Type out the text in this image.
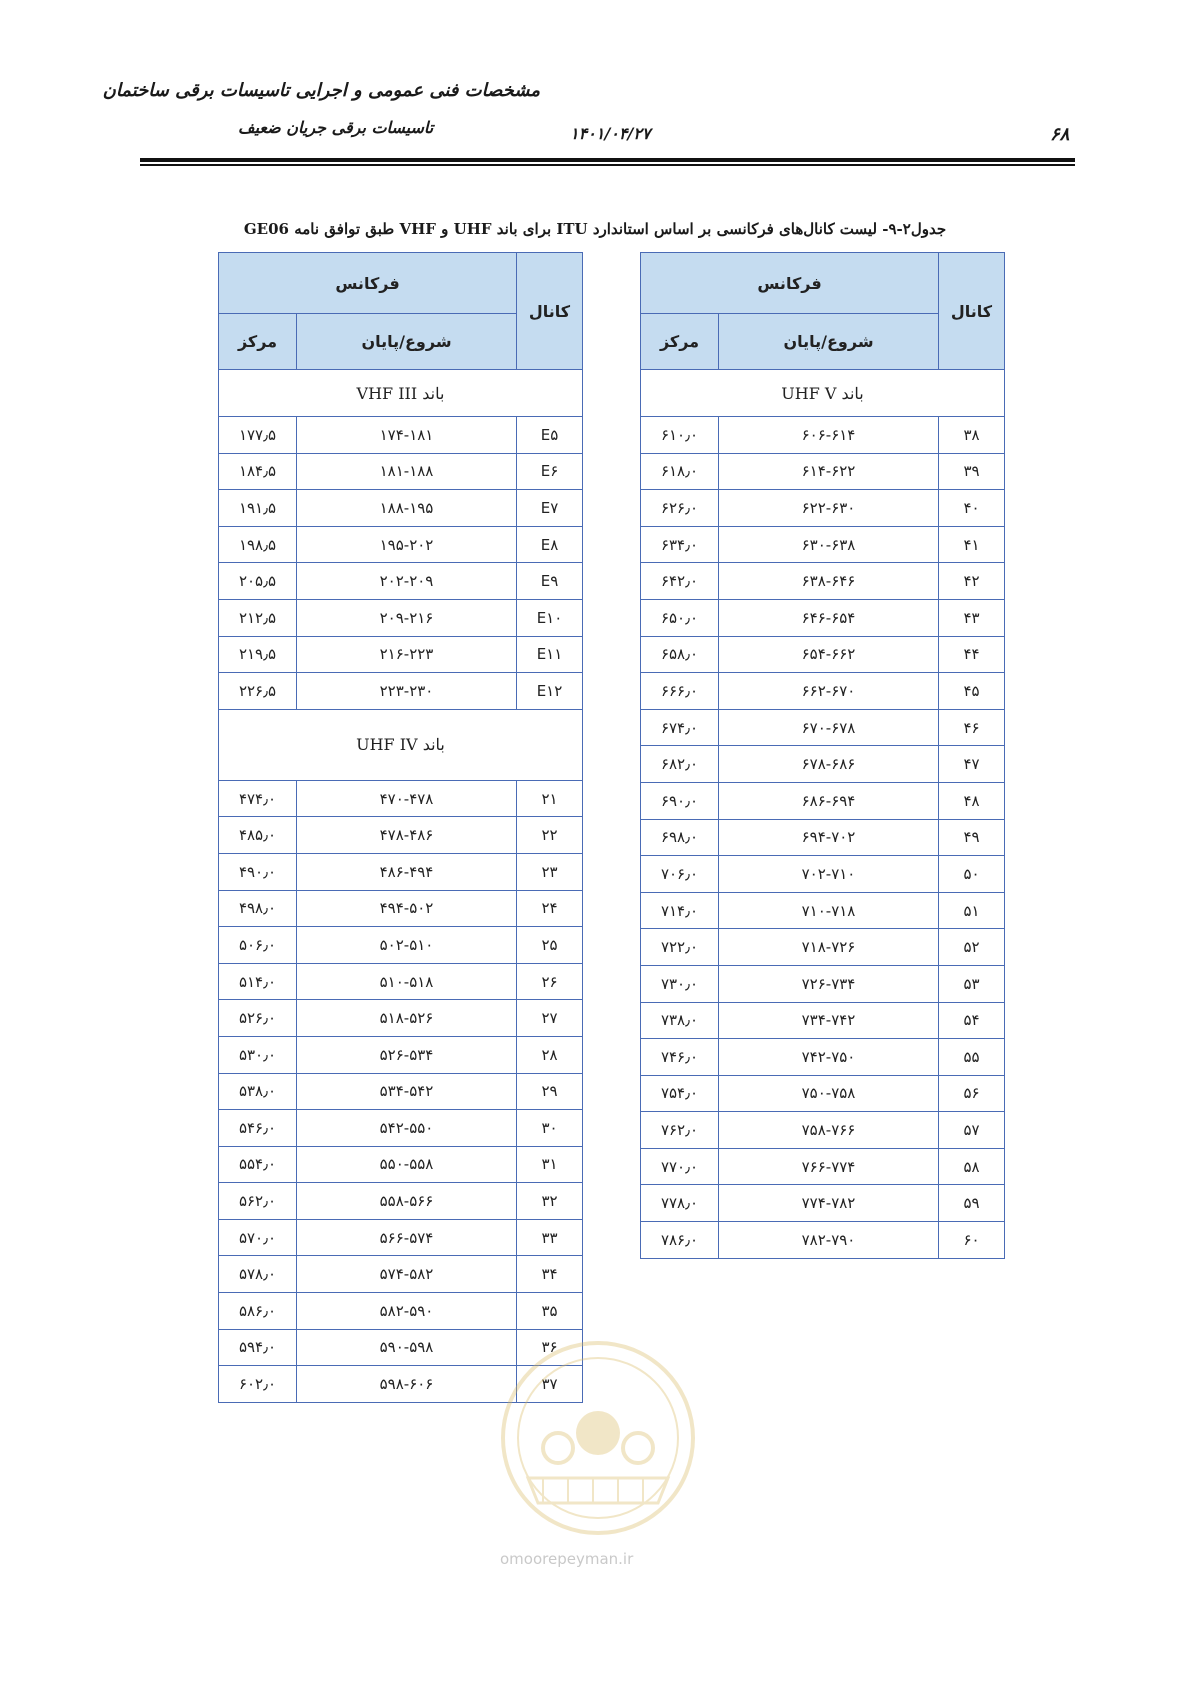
مشخصات فنی عمومی و اجرایی تاسیسات برقی ساختمان
تاسیسات برقی جریان ضعیف	۱۴۰۱/۰۴/۲۷	۶۸
جدول۲-۹- لیست کانال‌های فرکانسی بر اساس استاندارد ITU برای باند UHF و VHF طبق توافق نامه GE06
کانال	فرکانس	
	شروع/پایان	مرکز
باند UHF V		
۳۸	۶۰۶-۶۱۴	۶۱۰٫۰
۳۹	۶۱۴-۶۲۲	۶۱۸٫۰
۴۰	۶۲۲-۶۳۰	۶۲۶٫۰
۴۱	۶۳۰-۶۳۸	۶۳۴٫۰
۴۲	۶۳۸-۶۴۶	۶۴۲٫۰
۴۳	۶۴۶-۶۵۴	۶۵۰٫۰
۴۴	۶۵۴-۶۶۲	۶۵۸٫۰
۴۵	۶۶۲-۶۷۰	۶۶۶٫۰
۴۶	۶۷۰-۶۷۸	۶۷۴٫۰
۴۷	۶۷۸-۶۸۶	۶۸۲٫۰
۴۸	۶۸۶-۶۹۴	۶۹۰٫۰
۴۹	۶۹۴-۷۰۲	۶۹۸٫۰
۵۰	۷۰۲-۷۱۰	۷۰۶٫۰
۵۱	۷۱۰-۷۱۸	۷۱۴٫۰
۵۲	۷۱۸-۷۲۶	۷۲۲٫۰
۵۳	۷۲۶-۷۳۴	۷۳۰٫۰
۵۴	۷۳۴-۷۴۲	۷۳۸٫۰
۵۵	۷۴۲-۷۵۰	۷۴۶٫۰
۵۶	۷۵۰-۷۵۸	۷۵۴٫۰
۵۷	۷۵۸-۷۶۶	۷۶۲٫۰
۵۸	۷۶۶-۷۷۴	۷۷۰٫۰
۵۹	۷۷۴-۷۸۲	۷۷۸٫۰
۶۰	۷۸۲-۷۹۰	۷۸۶٫۰
کانال	فرکانس	
	شروع/پایان	مرکز
باند VHF III		
E۵	۱۷۴-۱۸۱	۱۷۷٫۵
E۶	۱۸۱-۱۸۸	۱۸۴٫۵
E۷	۱۸۸-۱۹۵	۱۹۱٫۵
E۸	۱۹۵-۲۰۲	۱۹۸٫۵
E۹	۲۰۲-۲۰۹	۲۰۵٫۵
E۱۰	۲۰۹-۲۱۶	۲۱۲٫۵
E۱۱	۲۱۶-۲۲۳	۲۱۹٫۵
E۱۲	۲۲۳-۲۳۰	۲۲۶٫۵
باند UHF IV		
۲۱	۴۷۰-۴۷۸	۴۷۴٫۰
۲۲	۴۷۸-۴۸۶	۴۸۵٫۰
۲۳	۴۸۶-۴۹۴	۴۹۰٫۰
۲۴	۴۹۴-۵۰۲	۴۹۸٫۰
۲۵	۵۰۲-۵۱۰	۵۰۶٫۰
۲۶	۵۱۰-۵۱۸	۵۱۴٫۰
۲۷	۵۱۸-۵۲۶	۵۲۶٫۰
۲۸	۵۲۶-۵۳۴	۵۳۰٫۰
۲۹	۵۳۴-۵۴۲	۵۳۸٫۰
۳۰	۵۴۲-۵۵۰	۵۴۶٫۰
۳۱	۵۵۰-۵۵۸	۵۵۴٫۰
۳۲	۵۵۸-۵۶۶	۵۶۲٫۰
۳۳	۵۶۶-۵۷۴	۵۷۰٫۰
۳۴	۵۷۴-۵۸۲	۵۷۸٫۰
۳۵	۵۸۲-۵۹۰	۵۸۶٫۰
۳۶	۵۹۰-۵۹۸	۵۹۴٫۰
۳۷	۵۹۸-۶۰۶	۶۰۲٫۰
omoorepeyman.ir
